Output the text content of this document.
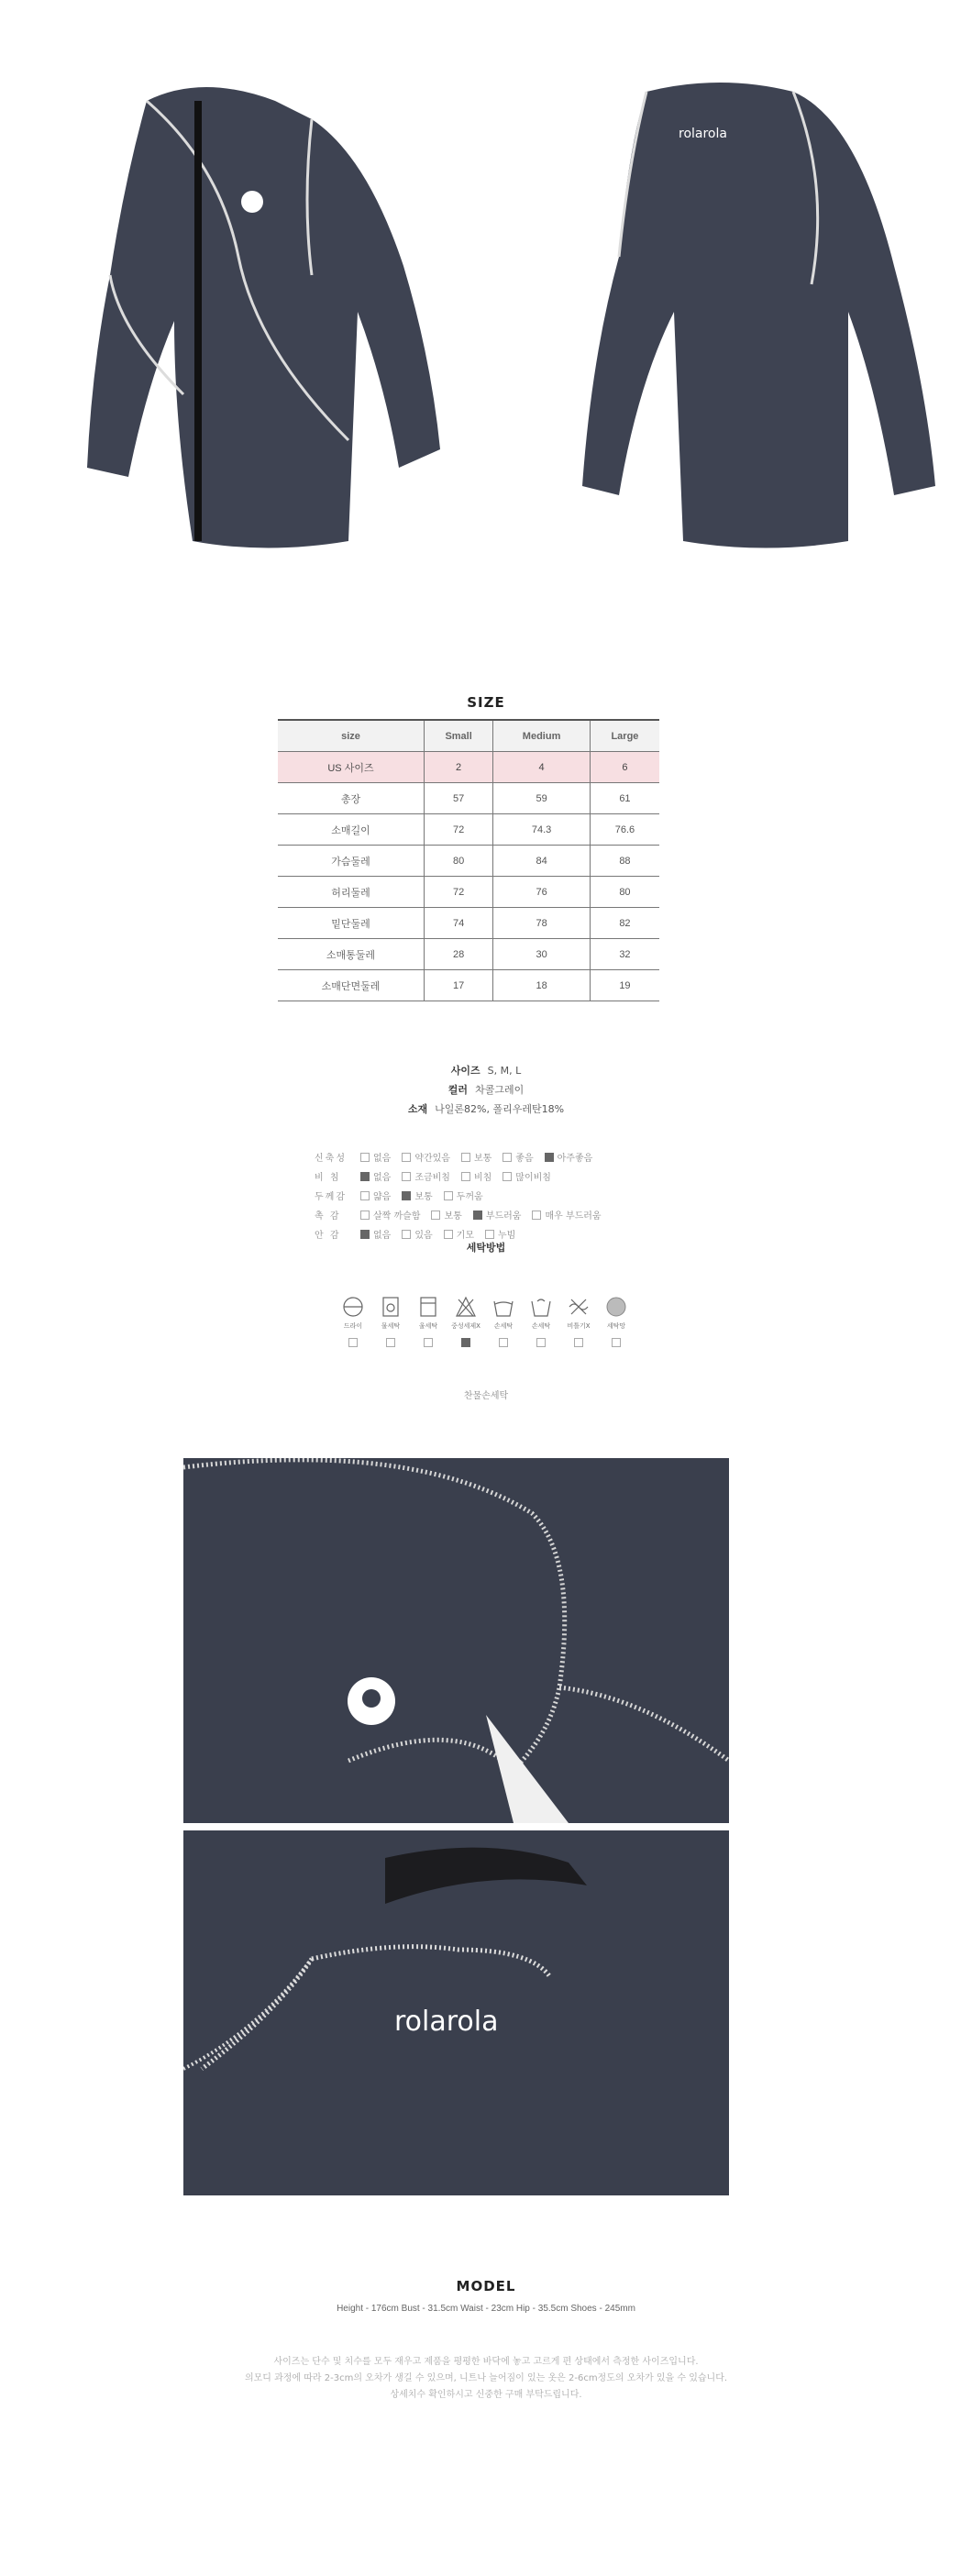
rolarola
SIZE
size	Small	Medium	Large
US 사이즈	2	4	6
총장	57	59	61
소매길이	72	74.3	76.6
가슴둘레	80	84	88
허리둘레	72	76	80
밑단둘레	74	78	82
소매통둘레	28	30	32
소매단면둘레	17	18	19
사이즈 S, M, L
컬러 차콜그레이
소재 나일론82%, 폴리우레탄18%
신축성	없음	약간있음	보통	좋음	아주좋음
비 침	없음	조금비침	비침	많이비침
두께감	얇음	보통	두꺼움
촉 감	살짝 까슬함	보통	부드러움	매우 부드러움
안 감	없음	있음	기모	누빔
세탁방법
드라이	물세탁	울세탁	중성세제X	손세탁	손세탁	비틀기X	세탁망
찬물손세탁
rolarola
MODEL
Height - 176cm Bust - 31.5cm Waist - 23cm Hip - 35.5cm Shoes - 245mm
사이즈는 단수 및 치수를 모두 재우고 제품을 평평한 바닥에 놓고 고르게 편 상태에서 측정한 사이즈입니다.
의모디 과정에 따라 2-3cm의 오차가 생길 수 있으며, 니트나 늘어짐이 있는 옷은 2-6cm정도의 오차가 있을 수 있습니다.
상세치수 확인하시고 신중한 구매 부탁드립니다.
